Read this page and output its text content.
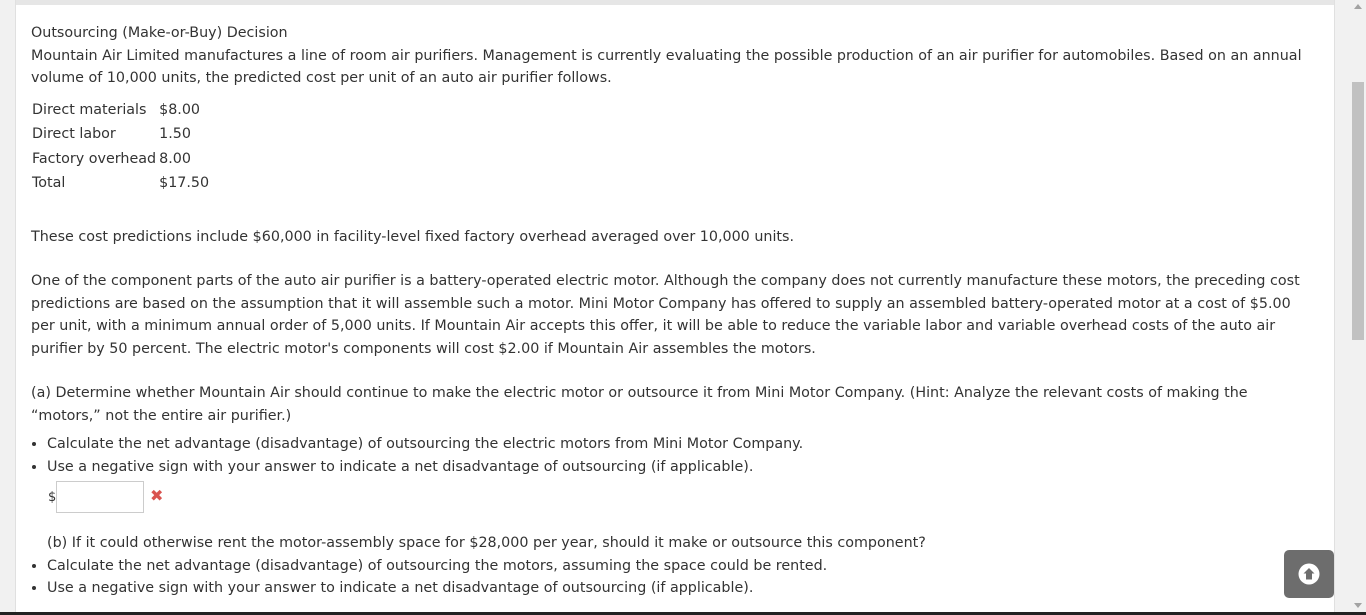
Outsourcing (Make-or-Buy) Decision

Mountain Air Limited manufactures a line of room air purifiers. Management is currently evaluating the possible production of an air purifier for automobiles. Based on an annual volume of 10,000 units, the predicted cost per unit of an auto air purifier follows.

Direct materials	$8.00
Direct labor	1.50
Factory overhead	8.00
Total	$17.50

These cost predictions include $60,000 in facility-level fixed factory overhead averaged over 10,000 units.

One of the component parts of the auto air purifier is a battery-operated electric motor. Although the company does not currently manufacture these motors, the preceding cost predictions are based on the assumption that it will assemble such a motor. Mini Motor Company has offered to supply an assembled battery-operated motor at a cost of $5.00 per unit, with a minimum annual order of 5,000 units. If Mountain Air accepts this offer, it will be able to reduce the variable labor and variable overhead costs of the auto air purifier by 50 percent. The electric motor's components will cost $2.00 if Mountain Air assembles the motors.

(a) Determine whether Mountain Air should continue to make the electric motor or outsource it from Mini Motor Company. (Hint: Analyze the relevant costs of making the “motors,” not the entire air purifier.)

• Calculate the net advantage (disadvantage) of outsourcing the electric motors from Mini Motor Company.
• Use a negative sign with your answer to indicate a net disadvantage of outsourcing (if applicable).
$	✖

(b) If it could otherwise rent the motor-assembly space for $28,000 per year, should it make or outsource this component?

• Calculate the net advantage (disadvantage) of outsourcing the motors, assuming the space could be rented.
• Use a negative sign with your answer to indicate a net disadvantage of outsourcing (if applicable).
